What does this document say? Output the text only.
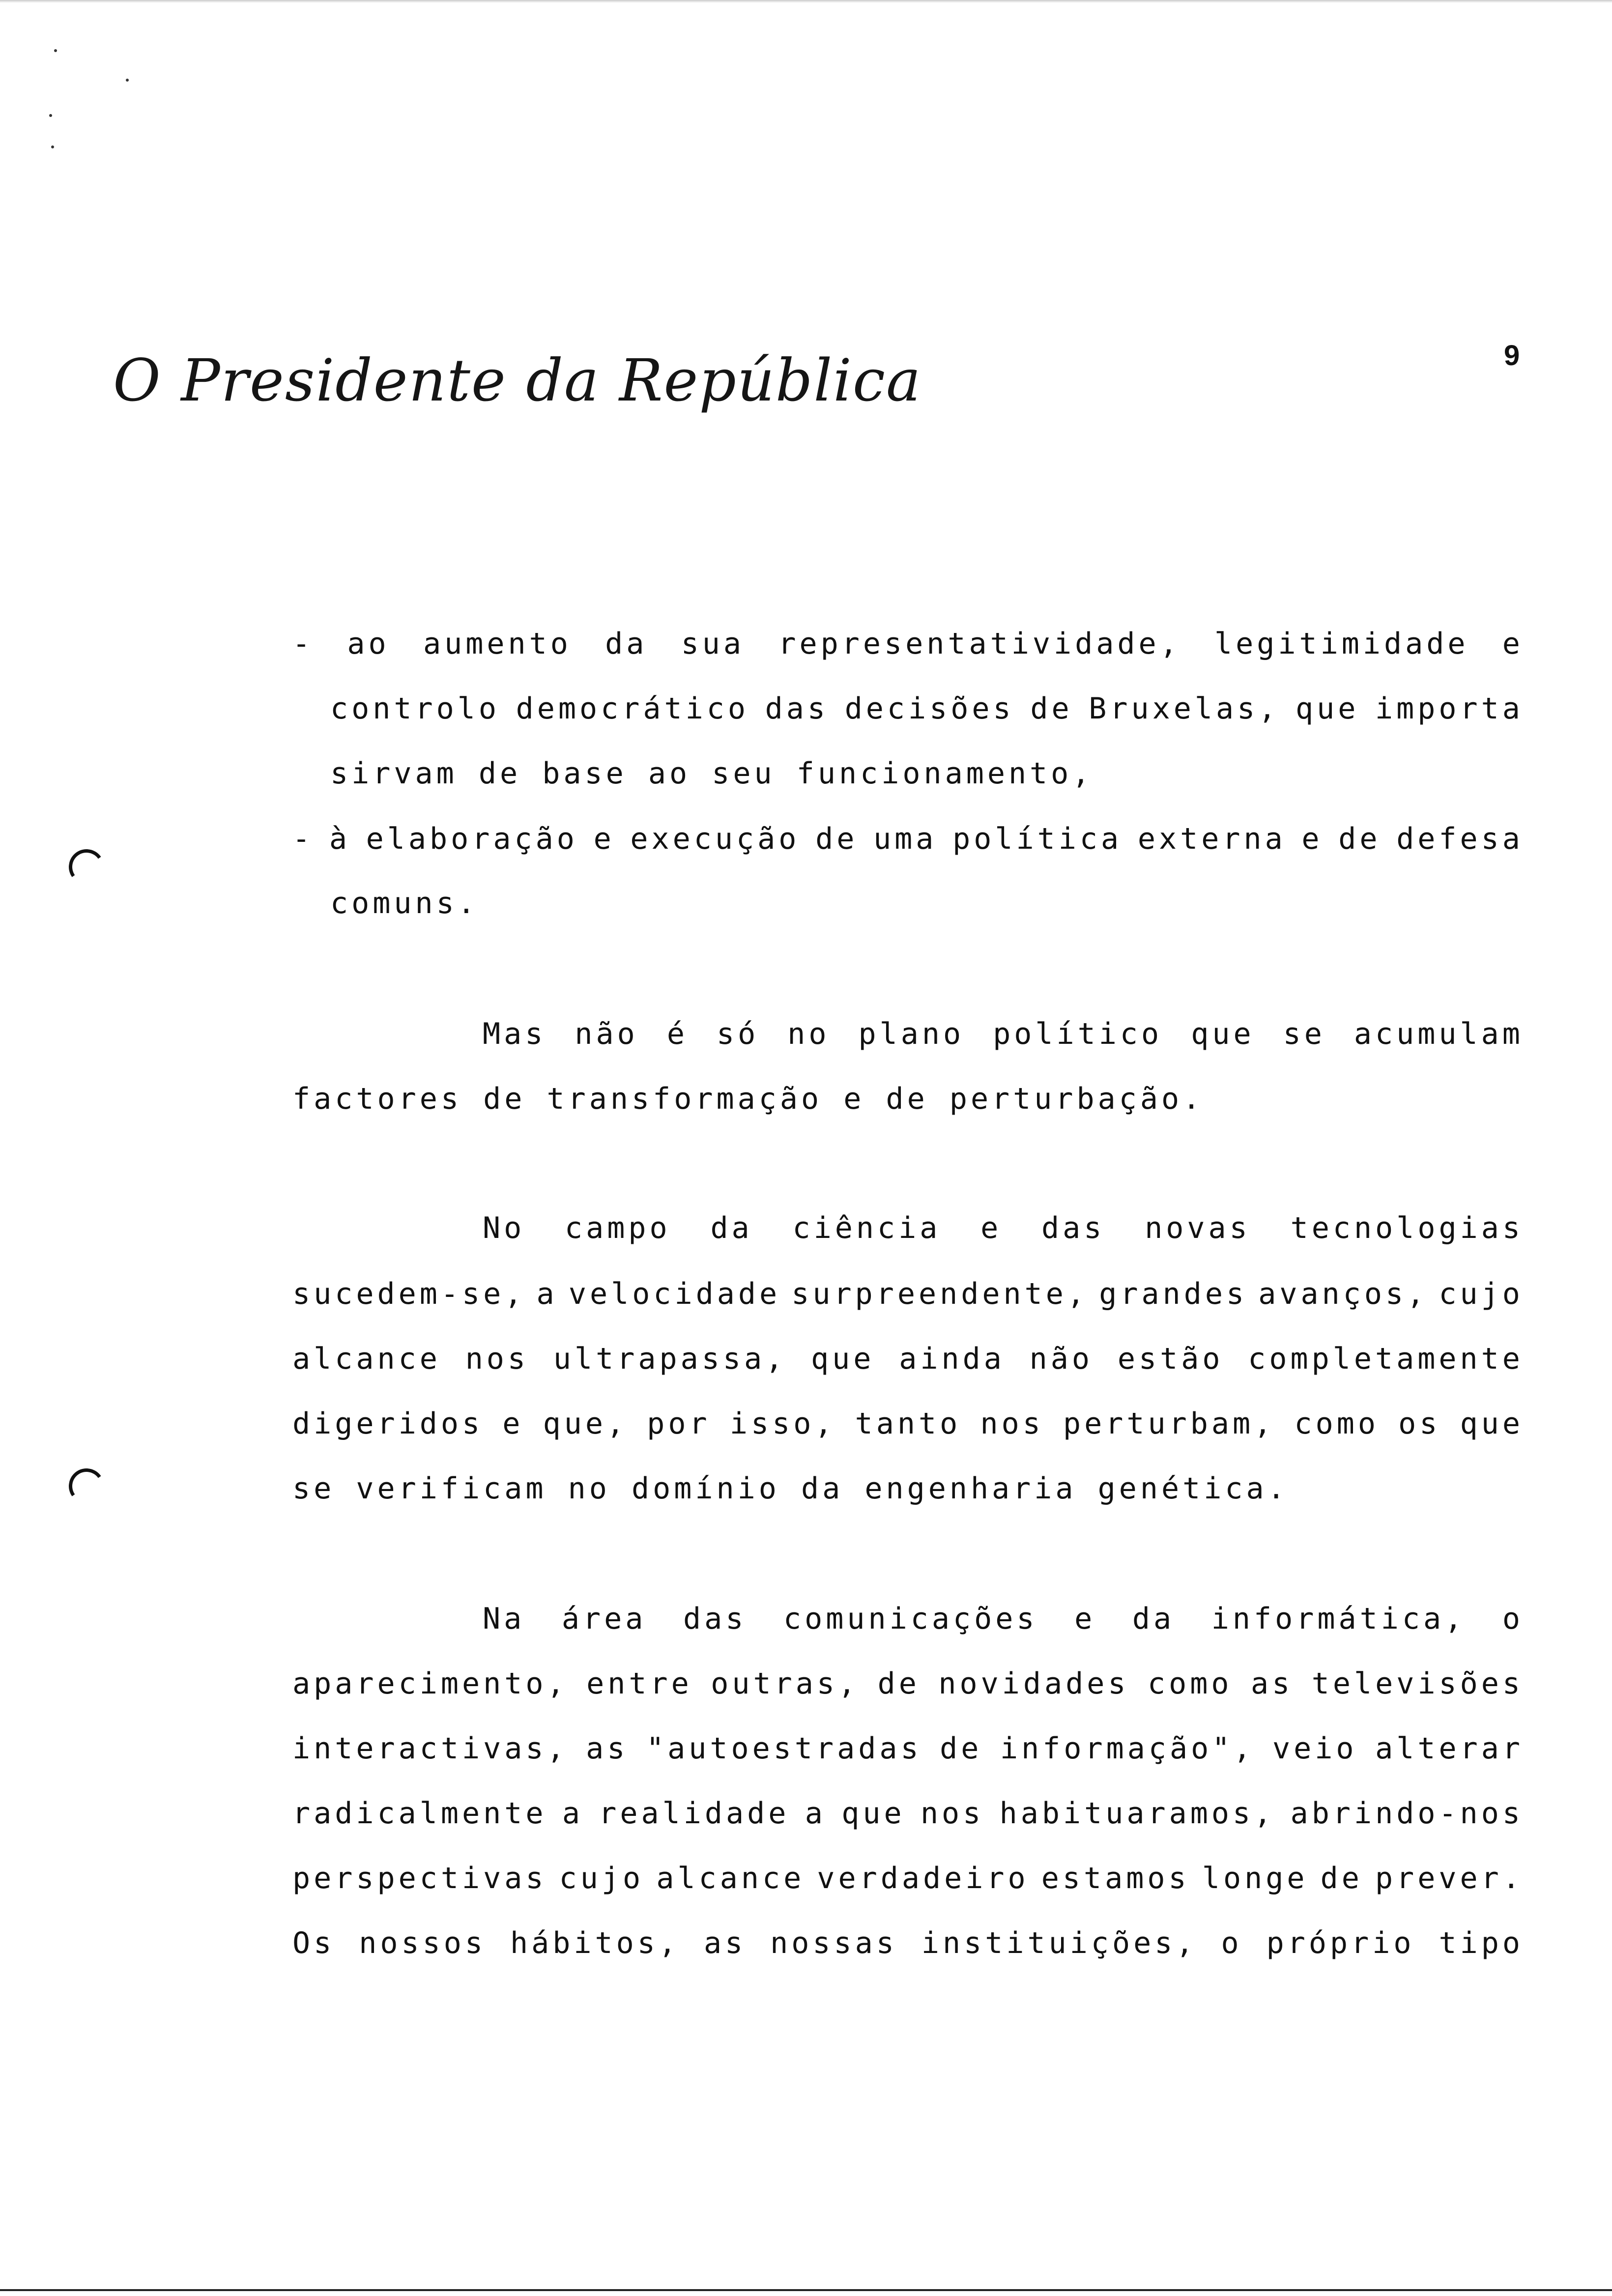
O Presidente da República	9
- ao aumento da sua representatividade, legitimidade e
controlo democrático das decisões de Bruxelas, que importa
sirvam de base ao seu funcionamento,
- à elaboração e execução de uma política externa e de defesa
comuns.
Mas não é só no plano político que se acumulam
factores de transformação e de perturbação.
No campo da ciência e das novas tecnologias
sucedem-se, a velocidade surpreendente, grandes avanços, cujo
alcance nos ultrapassa, que ainda não estão completamente
digeridos e que, por isso, tanto nos perturbam, como os que
se verificam no domínio da engenharia genética.
Na área das comunicações e da informática, o
aparecimento, entre outras, de novidades como as televisões
interactivas, as "autoestradas de informação", veio alterar
radicalmente a realidade a que nos habituaramos, abrindo-nos
perspectivas cujo alcance verdadeiro estamos longe de prever.
Os nossos hábitos, as nossas instituições, o próprio tipo
